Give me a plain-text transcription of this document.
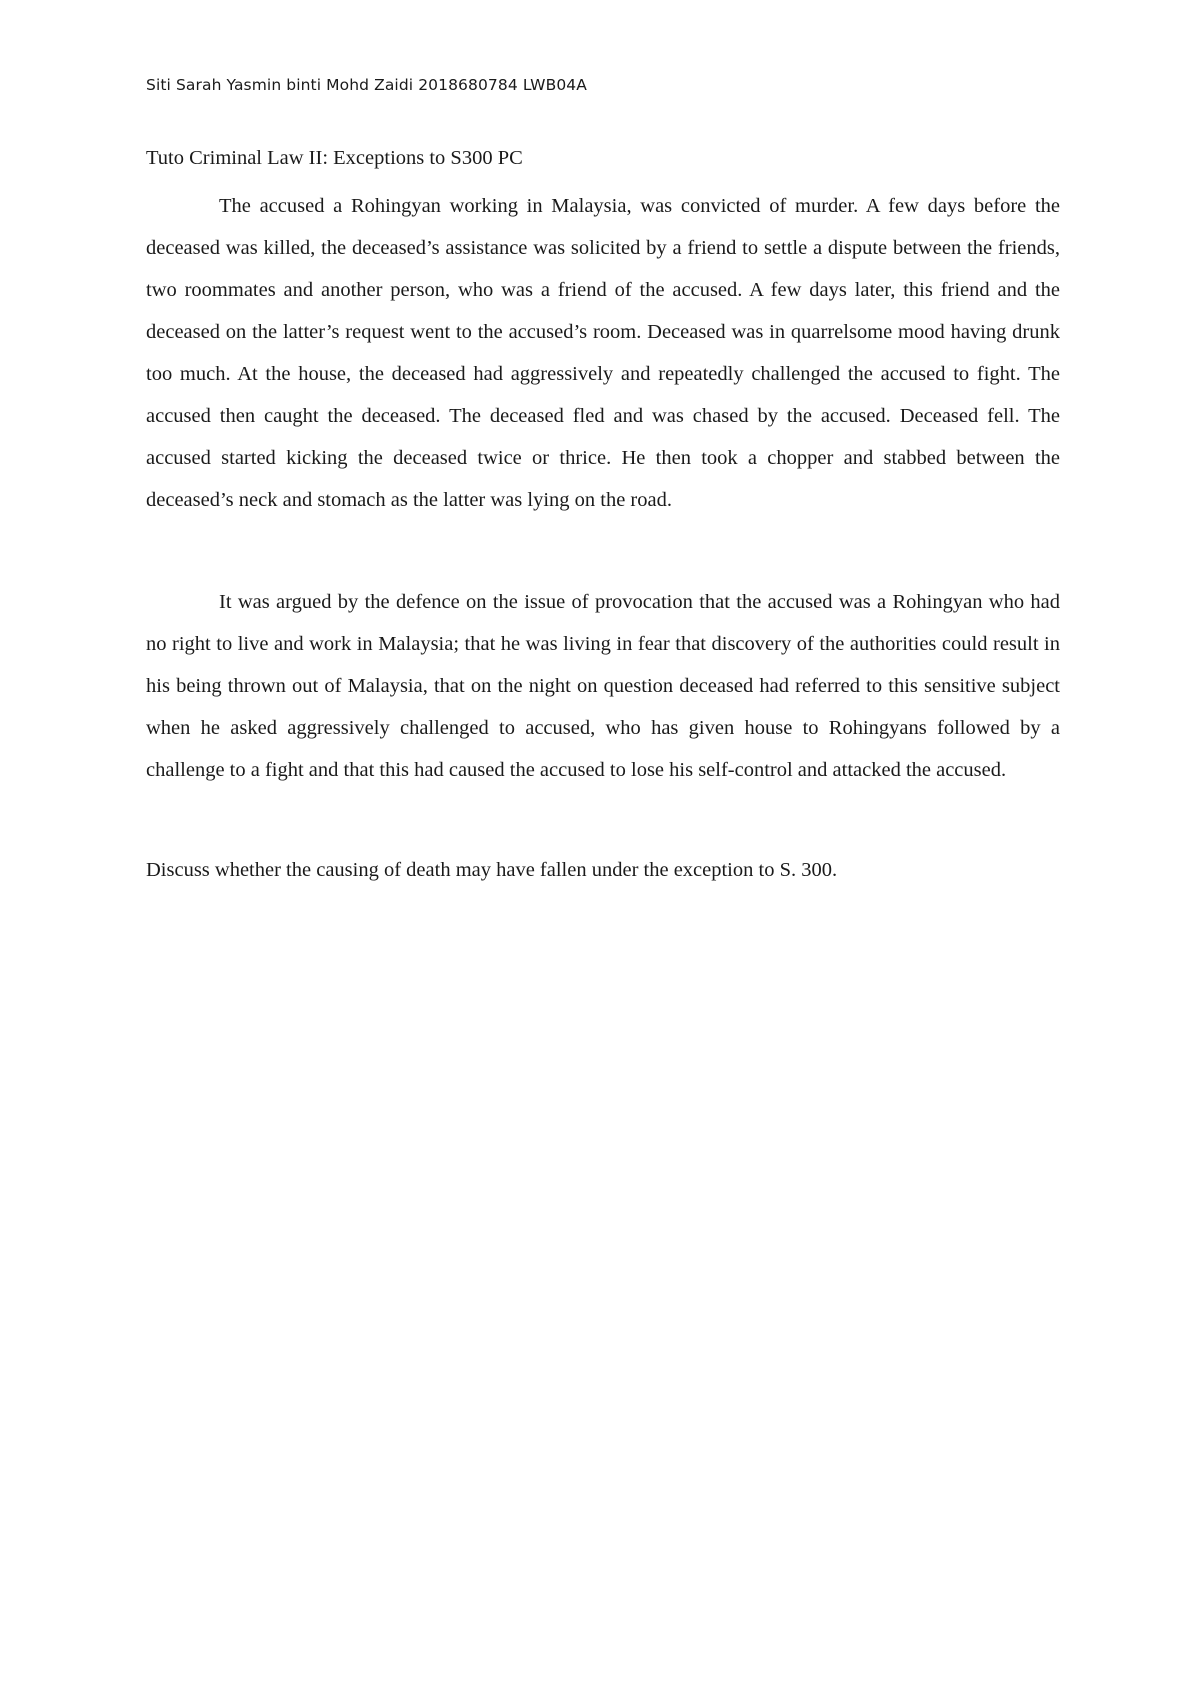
Siti Sarah Yasmin binti Mohd Zaidi 2018680784 LWB04A
Tuto Criminal Law II: Exceptions to S300 PC

The accused a Rohingyan working in Malaysia, was convicted of murder. A few days before the deceased was killed, the deceased’s assistance was solicited by a friend to settle a dispute between the friends, two roommates and another person, who was a friend of the accused. A few days later, this friend and the deceased on the latter’s request went to the accused’s room. Deceased was in quarrelsome mood having drunk too much. At the house, the deceased had aggressively and repeatedly challenged the accused to fight. The accused then caught the deceased. The deceased fled and was chased by the accused. Deceased fell. The accused started kicking the deceased twice or thrice. He then took a chopper and stabbed between the deceased’s neck and stomach as the latter was lying on the road.

It was argued by the defence on the issue of provocation that the accused was a Rohingyan who had no right to live and work in Malaysia; that he was living in fear that discovery of the authorities could result in his being thrown out of Malaysia, that on the night on question deceased had referred to this sensitive subject when he asked aggressively challenged to accused, who has given house to Rohingyans followed by a challenge to a fight and that this had caused the accused to lose his self-control and attacked the accused.

Discuss whether the causing of death may have fallen under the exception to S. 300.
